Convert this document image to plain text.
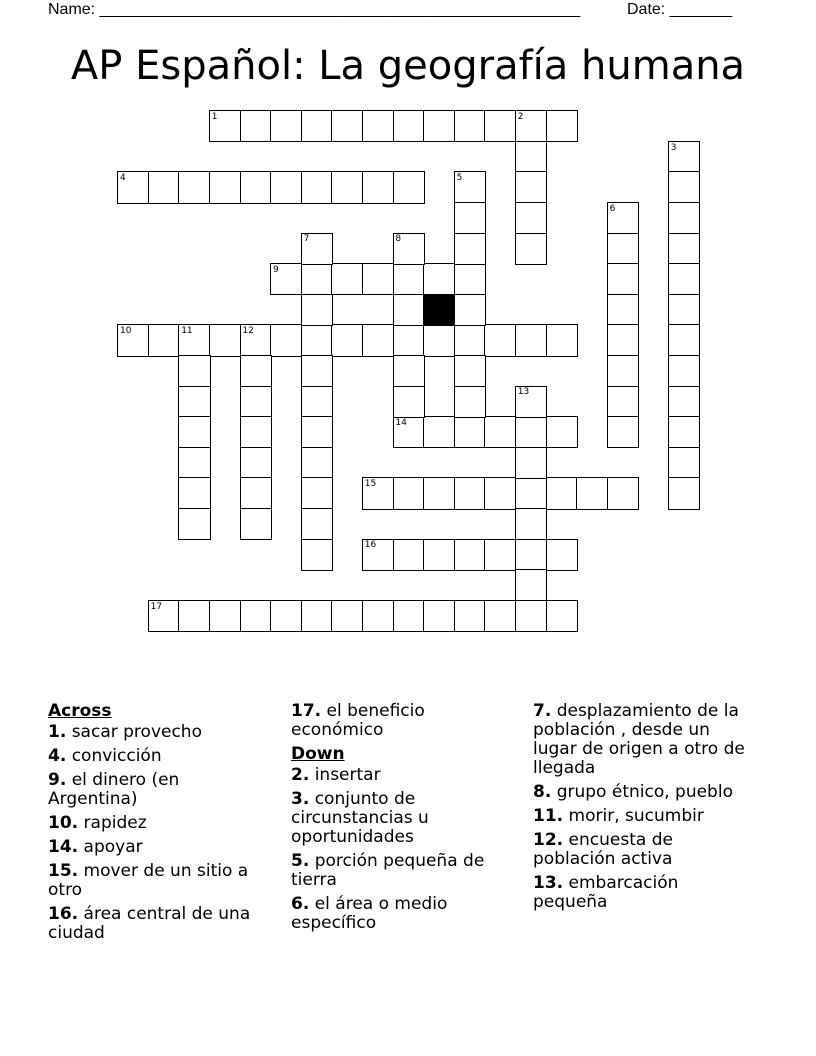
Name: ______________________________________________________	Date: _______
AP Español: La geografía humana
1
4
9
10
14
15
16
17
2
3
5
6
7	8
11	12
13
Across
1. sacar provecho
4. convicción
9. el dinero (en Argentina)
10. rapidez
14. apoyar
15. mover de un sitio a otro
16. área central de una ciudad
17. el beneficio económico
Down
2. insertar
3. conjunto de circunstancias u oportunidades
5. porción pequeña de tierra
6. el área o medio específico
7. desplazamiento de la población , desde un lugar de origen a otro de llegada
8. grupo étnico, pueblo
11. morir, sucumbir
12. encuesta de población activa
13. embarcación pequeña
